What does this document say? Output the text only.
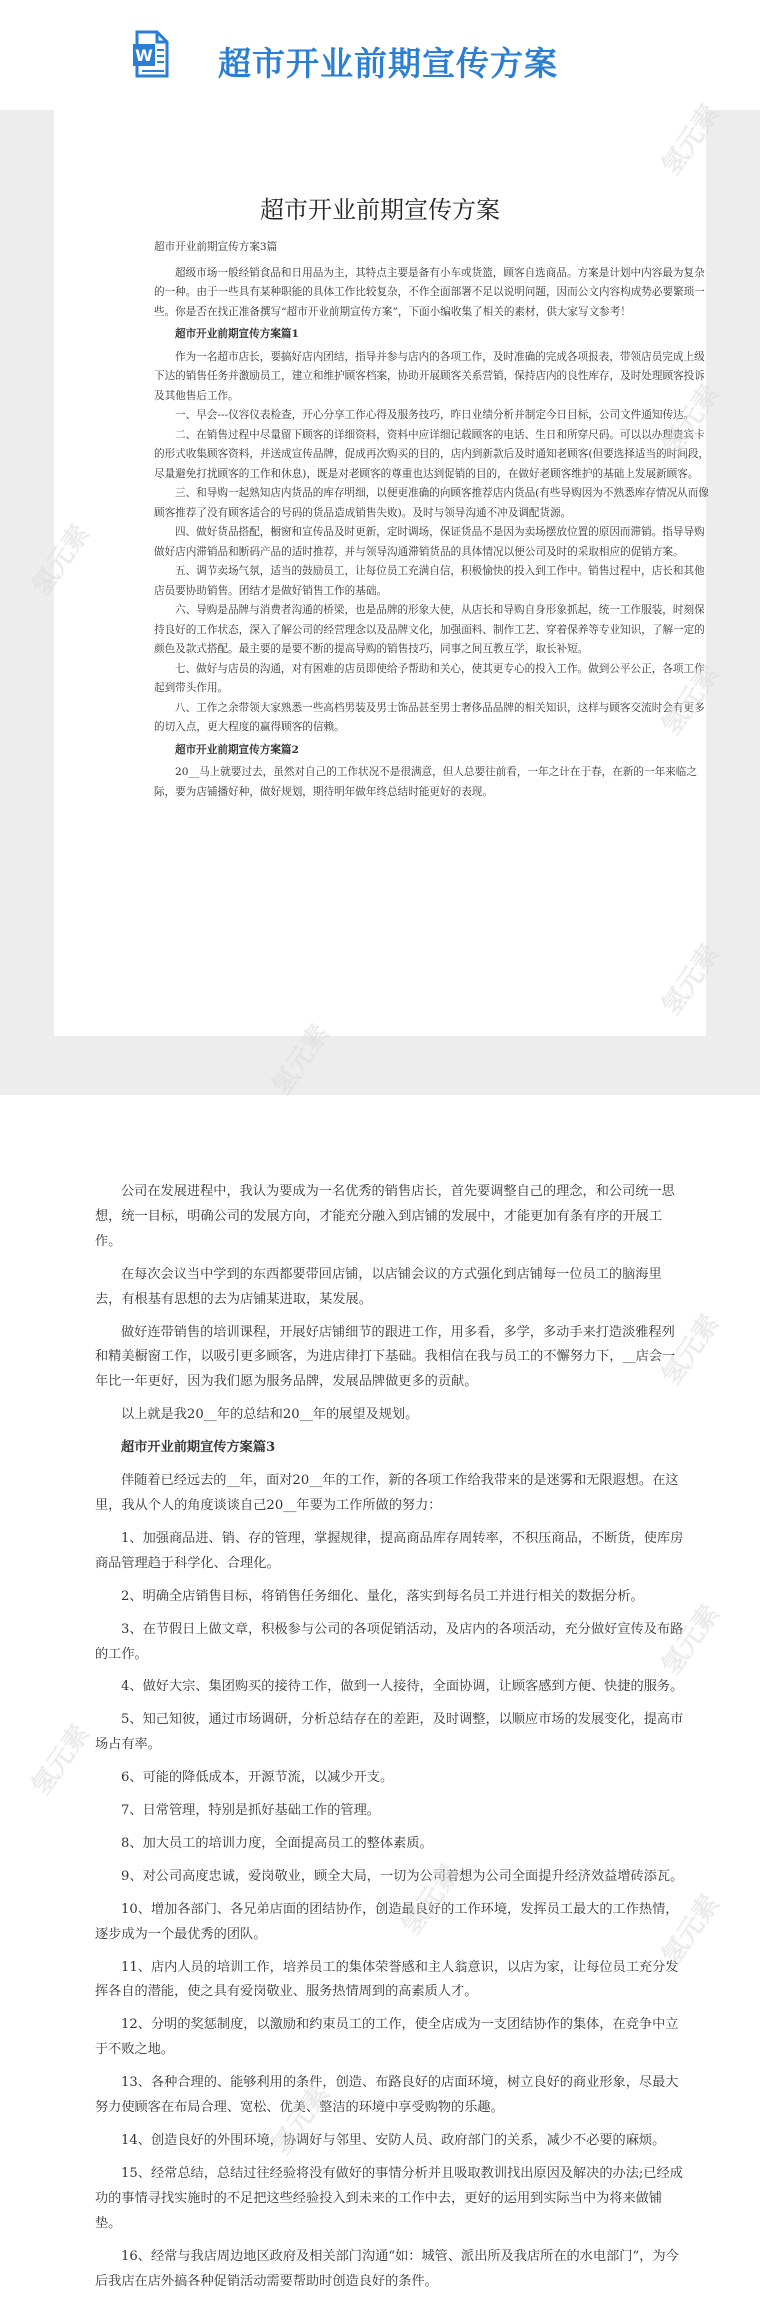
W 超市开业前期宣传方案
超市开业前期宣传方案

超市开业前期宣传方案3篇

超级市场一般经销食品和日用品为主，其特点主要是备有小车或货篮，顾客自选商品。方案是计划中内容最为复杂的一种。由于一些具有某种职能的具体工作比较复杂，不作全面部署不足以说明问题，因而公文内容构成势必要繁琐一些。你是否在找正准备撰写“超市开业前期宣传方案”，下面小编收集了相关的素材，供大家写文参考！

超市开业前期宣传方案篇1

作为一名超市店长，要搞好店内团结，指导并参与店内的各项工作，及时准确的完成各项报表，带领店员完成上级下达的销售任务并激励员工，建立和维护顾客档案，协助开展顾客关系营销，保持店内的良性库存，及时处理顾客投诉及其他售后工作。

一、早会---仪容仪表检查，开心分享工作心得及服务技巧，昨日业绩分析并制定今日目标，公司文件通知传达。

二、在销售过程中尽量留下顾客的详细资料，资料中应详细记载顾客的电话、生日和所穿尺码。可以以办理贵宾卡的形式收集顾客资料，并送成宣传品牌，促成再次购买的目的，店内到新款后及时通知老顾客(但要选择适当的时间段，尽量避免打扰顾客的工作和休息)，既是对老顾客的尊重也达到促销的目的，在做好老顾客维护的基础上发展新顾客。

三、和导购一起熟知店内货品的库存明细，以便更准确的向顾客推荐店内货品(有些导购因为不熟悉库存情况从而像顾客推荐了没有顾客适合的号码的货品造成销售失败)。及时与领导沟通不冲及调配货源。

四、做好货品搭配，橱窗和宣传品及时更新，定时调场，保证货品不是因为卖场摆放位置的原因而滞销。指导导购做好店内滞销品和断码产品的适时推荐，并与领导沟通滞销货品的具体情况以便公司及时的采取相应的促销方案。

五、调节卖场气氛，适当的鼓励员工，让每位员工充满自信，积极愉快的投入到工作中。销售过程中，店长和其他店员要协助销售。团结才是做好销售工作的基础。

六、导购是品牌与消费者沟通的桥梁，也是品牌的形象大使，从店长和导购自身形象抓起，统一工作服装，时刻保持良好的工作状态，深入了解公司的经营理念以及品牌文化，加强面料、制作工艺、穿着保养等专业知识，了解一定的颜色及款式搭配。最主要的是要不断的提高导购的销售技巧，同事之间互教互学，取长补短。

七、做好与店员的沟通，对有困难的店员即使给予帮助和关心，使其更专心的投入工作。做到公平公正，各项工作起到带头作用。

八、工作之余带领大家熟悉一些高档男装及男士饰品甚至男士奢侈品品牌的相关知识，这样与顾客交流时会有更多的切入点，更大程度的赢得顾客的信赖。

超市开业前期宣传方案篇2

20__马上就要过去，虽然对自己的工作状况不是很满意，但人总要往前看，一年之计在于春，在新的一年来临之际，要为店铺播好种，做好规划，期待明年做年终总结时能更好的表现。

公司在发展进程中，我认为要成为一名优秀的销售店长，首先要调整自己的理念，和公司统一思想，统一目标，明确公司的发展方向，才能充分融入到店铺的发展中，才能更加有条有序的开展工作。

在每次会议当中学到的东西都要带回店铺，以店铺会议的方式强化到店铺每一位员工的脑海里去，有根基有思想的去为店铺某进取，某发展。

做好连带销售的培训课程，开展好店铺细节的跟进工作，用多看，多学，多动手来打造淡雅程列和精美橱窗工作，以吸引更多顾客，为进店律打下基础。我相信在我与员工的不懈努力下，__店会一年比一年更好，因为我们愿为服务品牌，发展品牌做更多的贡献。

以上就是我20__年的总结和20__年的展望及规划。

超市开业前期宣传方案篇3

伴随着已经远去的__年，面对20__年的工作，新的各项工作给我带来的是迷雾和无限遐想。在这里，我从个人的角度谈谈自己20__年要为工作所做的努力：

1、加强商品进、销、存的管理，掌握规律，提高商品库存周转率，不积压商品，不断货，使库房商品管理趋于科学化、合理化。

2、明确全店销售目标，将销售任务细化、量化，落实到每名员工并进行相关的数据分析。

3、在节假日上做文章，积极参与公司的各项促销活动，及店内的各项活动，充分做好宣传及布路的工作。

4、做好大宗、集团购买的接待工作，做到一人接待，全面协调，让顾客感到方便、快捷的服务。

5、知己知彼，通过市场调研，分析总结存在的差距，及时调整，以顺应市场的发展变化，提高市场占有率。

6、可能的降低成本，开源节流，以减少开支。

7、日常管理，特别是抓好基础工作的管理。

8、加大员工的培训力度，全面提高员工的整体素质。

9、对公司高度忠诚，爱岗敬业，顾全大局，一切为公司着想为公司全面提升经济效益增砖添瓦。

10、增加各部门、各兄弟店面的团结协作，创造最良好的工作环境，发挥员工最大的工作热情，逐步成为一个最优秀的团队。

11、店内人员的培训工作，培养员工的集体荣誉感和主人翁意识，以店为家，让每位员工充分发挥各自的潜能，使之具有爱岗敬业、服务热情周到的高素质人才。

12、分明的奖惩制度，以激励和约束员工的工作，使全店成为一支团结协作的集体，在竞争中立于不败之地。

13、各种合理的、能够利用的条件，创造、布路良好的店面环境，树立良好的商业形象，尽最大努力使顾客在布局合理、宽松、优美、整洁的环境中享受购物的乐趣。

14、创造良好的外围环境，协调好与邻里、安防人员、政府部门的关系，减少不必要的麻烦。

15、经常总结，总结过往经验将没有做好的事情分析并且吸取教训找出原因及解决的办法;已经成功的事情寻找实施时的不足把这些经验投入到未来的工作中去，更好的运用到实际当中为将来做铺垫。

16、经常与我店周边地区政府及相关部门沟通“如：城管、派出所及我店所在的水电部门”，为今后我店在店外搞各种促销活动需要帮助时创造良好的条件。

氢元素
氢元素
氢元素
氢元素
氢元素
氢元素
氢元素
氢元素
氢元素
氢元素
氢元素
氢元素
